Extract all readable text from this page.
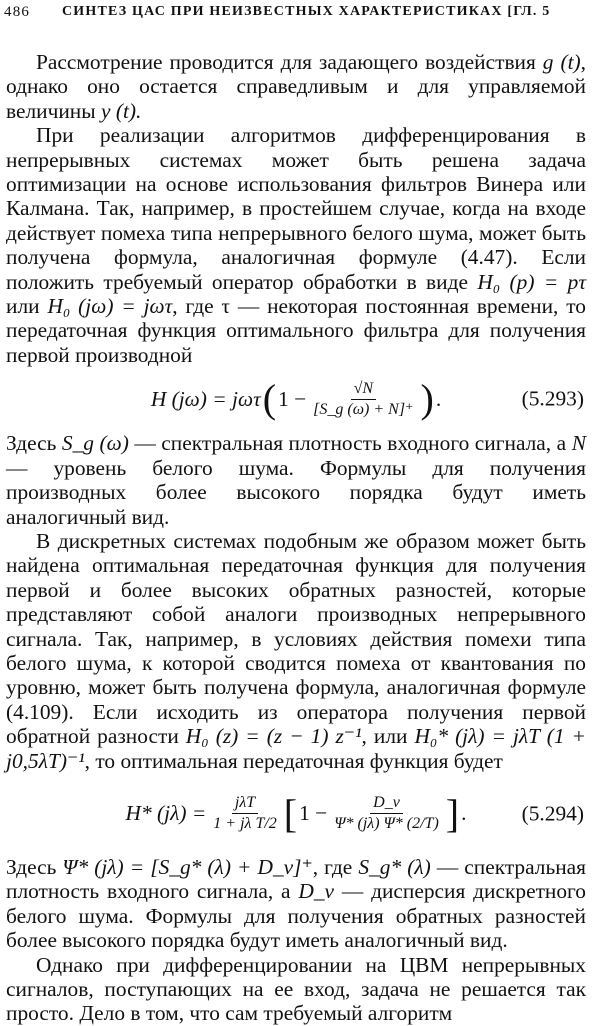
486 СИНТЕЗ ЦАС ПРИ НЕИЗВЕСТНЫХ ХАРАКТЕРИСТИКАХ [ГЛ. 5

Рассмотрение проводится для задающего воздействия g (t), однако оно остается справедливым и для управляемой величины y (t).

При реализации алгоритмов дифференцирования в непрерывных системах может быть решена задача оптимизации на основе использования фильтров Винера или Калмана. Так, например, в простейшем случае, когда на входе действует помеха типа непрерывного белого шума, может быть получена формула, аналогичная формуле (4.47). Если положить требуемый оператор обработки в виде H₀ (p) = pτ или H₀ (jω) = jωτ, где τ — некоторая постоянная времени, то передаточная функция оптимального фильтра для получения первой производной

H (jω) = jωτ ( $1 - \frac{√N}{[S\_g (\omega) + N]^+}$ ) .	(5.293)

Здесь S_g (ω) — спектральная плотность входного сигнала, а N — уровень белого шума. Формулы для получения производных более высокого порядка будут иметь аналогичный вид.

В дискретных системах подобным же образом может быть найдена оптимальная передаточная функция для получения первой и более высоких обратных разностей, которые представляют собой аналоги производных непрерывного сигнала. Так, например, в условиях действия помехи типа белого шума, к которой сводится помеха от квантования по уровню, может быть получена формула, аналогичная формуле (4.109). Если исходить из оператора получения первой обратной разности H₀ (z) = (z − 1) z⁻¹, или H₀* (jλ) = jλT (1 + j0,5λT)⁻¹, то оптимальная передаточная функция будет

H* $(j\lambda) = \frac{\text{jλT}}{\text{1 + jλ T/2}}$ [ $1 - \frac{D\_v}{\Psi* (j\lambda) \Psi* (2/T)}$ ] .	(5.294)

Здесь Ψ* (jλ) = [S_g* (λ) + D_v]⁺, где S_g* (λ) — спектральная плотность входного сигнала, а D_v — дисперсия дискретного белого шума. Формулы для получения обратных разностей более высокого порядка будут иметь аналогичный вид.

Однако при дифференцировании на ЦВМ непрерывных сигналов, поступающих на ее вход, задача не решается так просто. Дело в том, что сам требуемый алгоритм
